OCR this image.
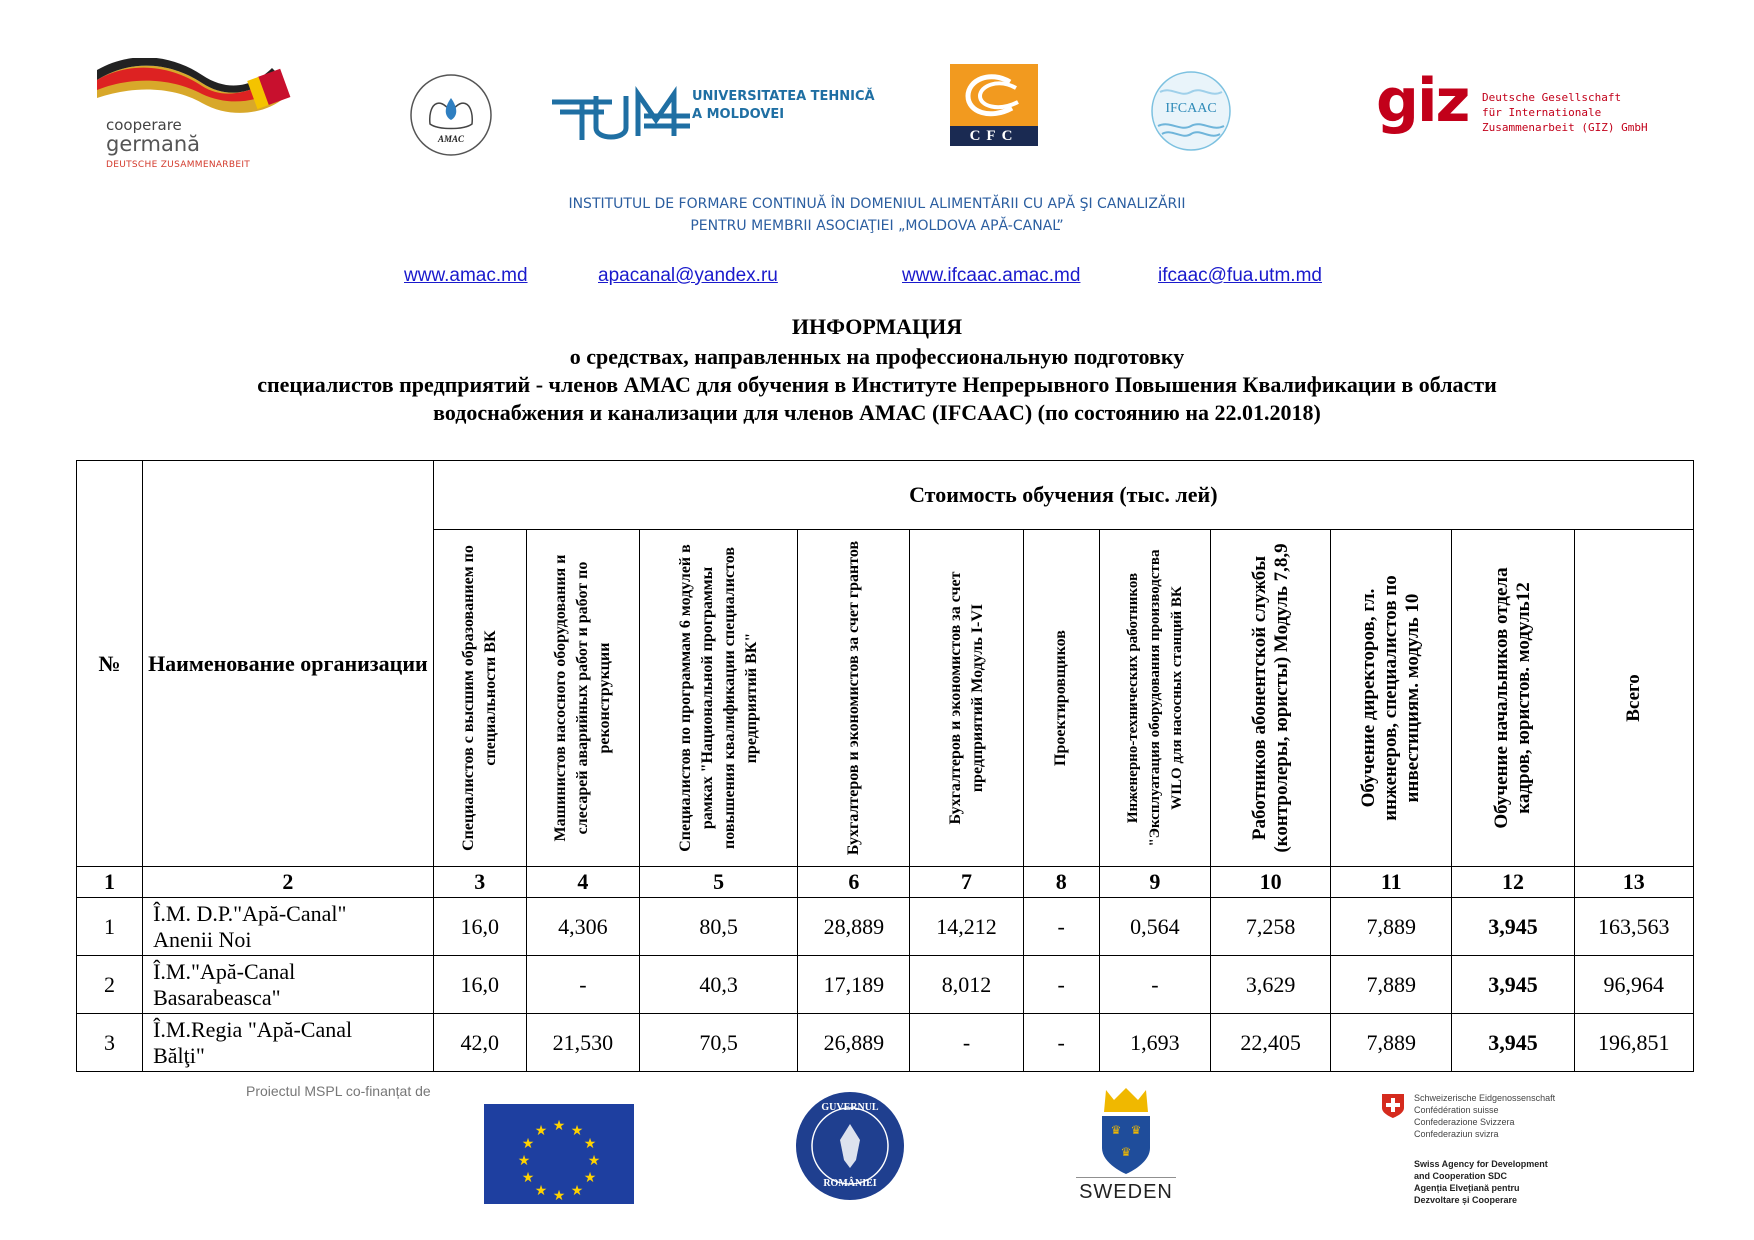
cooperare
germană
DEUTSCHE ZUSAMMENARBEIT
AMAC
UNIVERSITATEA TEHNICĂ
A MOLDOVEI
CFC
IFCAAC	giz Deutsche Gesellschaft
für Internationale
Zusammenarbeit (GIZ) GmbH
INSTITUTUL DE FORMARE CONTINUĂ ÎN DOMENIUL ALIMENTĂRII CU APĂ ŞI CANALIZĂRII
PENTRU MEMBRII ASOCIAŢIEI „MOLDOVA APĂ-CANAL”
www.amac.md	apacanal@yandex.ru	www.ifcaac.amac.md	ifcaac@fua.utm.md
ИНФОРМАЦИЯ
о средствах, направленных на профессиональную подготовку
специалистов предприятий - членов АМАС для обучения в Институте Непрерывного Повышения Квалификации в области
водоснабжения и канализации для членов АМАС (IFCAAC) (по состоянию на 22.01.2018)
№	Наименование организации	Стоимость обучения (тыс. лей)										

		Специалистов с высшим образованием по специальности ВК	Машинистов насосного оборудования и слесарей аварийных работ и работ по реконструкции	Специалистов по программам 6 модулей в рамках "Национальной программы повышения квалификации специалистов предприятий ВК"	Бухгалтеров и экономистов за счет грантов	Бухгалтеров и экономистов за счет предприятий Модуль I-VI	Проектировщиков	Инженерно-технических работников "Эксплуатация оборудования производства WILO для насосных станций ВК	Работников абонентской службы (контролеры, юристы) Модуль 7,8,9	Обучение директоров, гл. инженеров, специалистов по инвестициям. модуль 10	Обучение начальников отдела кадров, юристов. модуль12	Всего

1	2	3	4	5	6	7	8	9	10	11	12	13
1	Î.M. D.P."Apă-Canal"
Anenii Noi	16,0	4,306	80,5	28,889	14,212	-	0,564	7,258	7,889	3,945	163,563
2	Î.M."Apă-Canal
Basarabeasca"	16,0	-	40,3	17,189	8,012	-	-	3,629	7,889	3,945	96,964
3	Î.M.Regia "Apă-Canal
Bălţi"	42,0	21,530	70,5	26,889	-	-	1,693	22,405	7,889	3,945	196,851
Proiectul MSPL co-finanțat de
★ ★
★
★
★
★
★
★
★
★
★
★
GUVERNUL
ROMÂNIEI
♛ ♛
♛
SWEDEN
Schweizerische Eidgenossenschaft
Confédération suisse
Confederazione Svizzera
Confederaziun svizra
Swiss Agency for Development
and Cooperation SDC
Agenția Elvețiană pentru
Dezvoltare și Cooperare
